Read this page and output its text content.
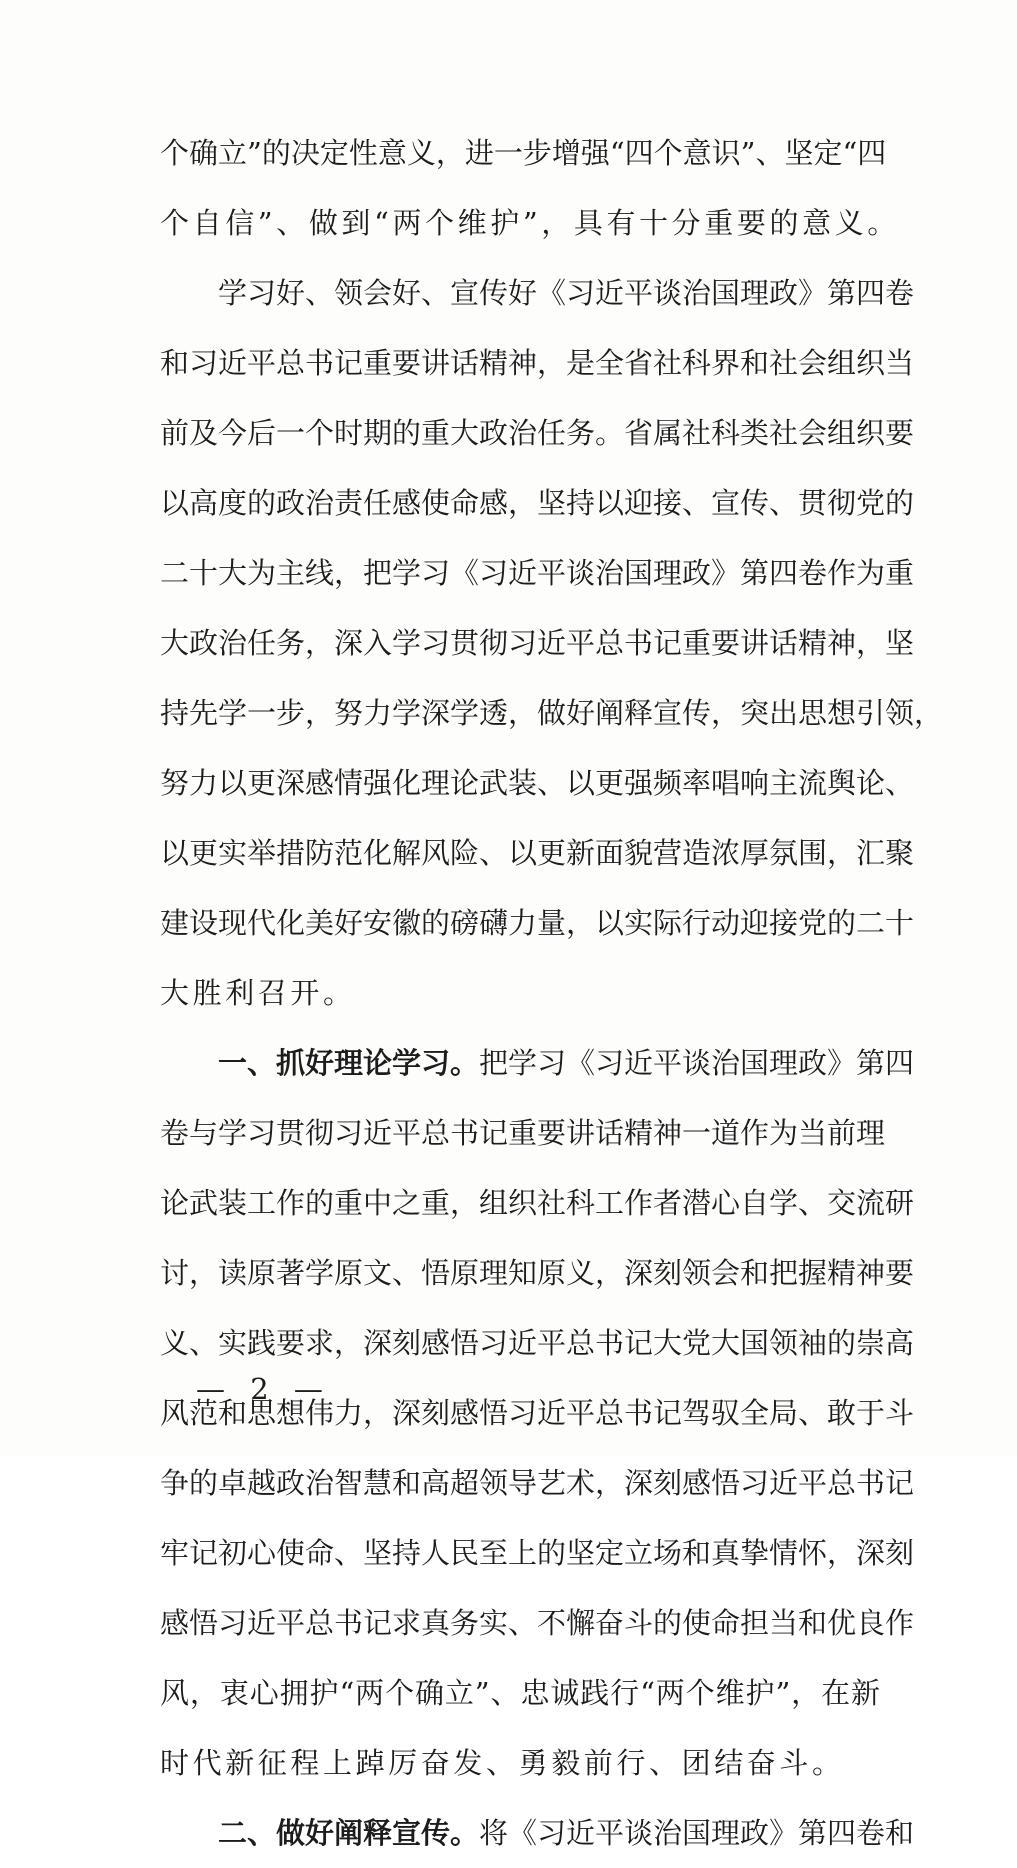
个确立”的决定性意义，进一步增强“四个意识”、坚定“四
个自信”、做到“两个维护”，具有十分重要的意义。
学习好、领会好、宣传好《习近平谈治国理政》第四卷
和习近平总书记重要讲话精神，是全省社科界和社会组织当
前及今后一个时期的重大政治任务。省属社科类社会组织要
以高度的政治责任感使命感，坚持以迎接、宣传、贯彻党的
二十大为主线，把学习《习近平谈治国理政》第四卷作为重
大政治任务，深入学习贯彻习近平总书记重要讲话精神，坚
持先学一步，努力学深学透，做好阐释宣传，突出思想引领，
努力以更深感情强化理论武装、以更强频率唱响主流舆论、
以更实举措防范化解风险、以更新面貌营造浓厚氛围，汇聚
建设现代化美好安徽的磅礴力量，以实际行动迎接党的二十
大胜利召开。
一、抓好理论学习。把学习《习近平谈治国理政》第四
卷与学习贯彻习近平总书记重要讲话精神一道作为当前理
论武装工作的重中之重，组织社科工作者潜心自学、交流研
讨，读原著学原文、悟原理知原义，深刻领会和把握精神要
义、实践要求，深刻感悟习近平总书记大党大国领袖的崇高
风范和思想伟力，深刻感悟习近平总书记驾驭全局、敢于斗
争的卓越政治智慧和高超领导艺术，深刻感悟习近平总书记
牢记初心使命、坚持人民至上的坚定立场和真挚情怀，深刻
感悟习近平总书记求真务实、不懈奋斗的使命担当和优良作
风，衷心拥护“两个确立”、忠诚践行“两个维护”，在新
时代新征程上踔厉奋发、勇毅前行、团结奋斗。
二、做好阐释宣传。将《习近平谈治国理政》第四卷和
— 2 —
